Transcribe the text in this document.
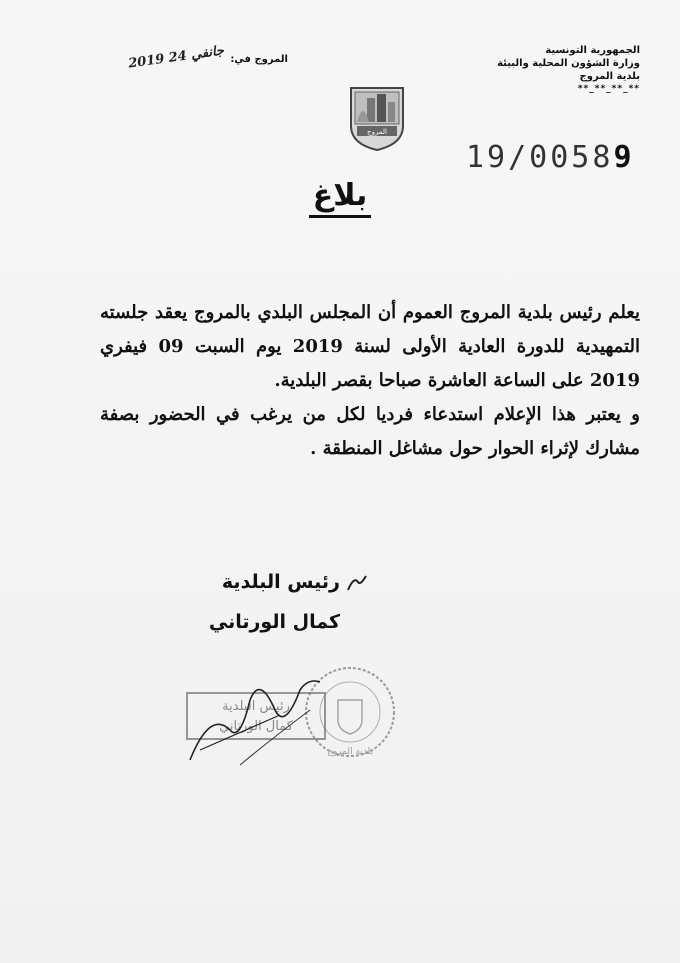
الجمهورية التونسية
وزارة الشؤون المحلية والبيئة
بلدية المروج
**_**_**_**
المروج
المروج في:
2019 جانفي 24
19/00589
بلاغ

يعلم رئيس بلدية المروج العموم أن المجلس البلدي بالمروج يعقد جلسته التمهيدية للدورة العادية الأولى لسنة 2019 يوم السبت 09 فيفري 2019 على الساعة العاشرة صباحا بقصر البلدية.

و يعتبر هذا الإعلام استدعاء فرديا لكل من يرغب في الحضور بصفة مشارك لإثراء الحوار حول مشاغل المنطقة .

رئيس البلدية
كمال الورتاني
رئيس البلدية
كمال الورتاني
بلدية المروج
